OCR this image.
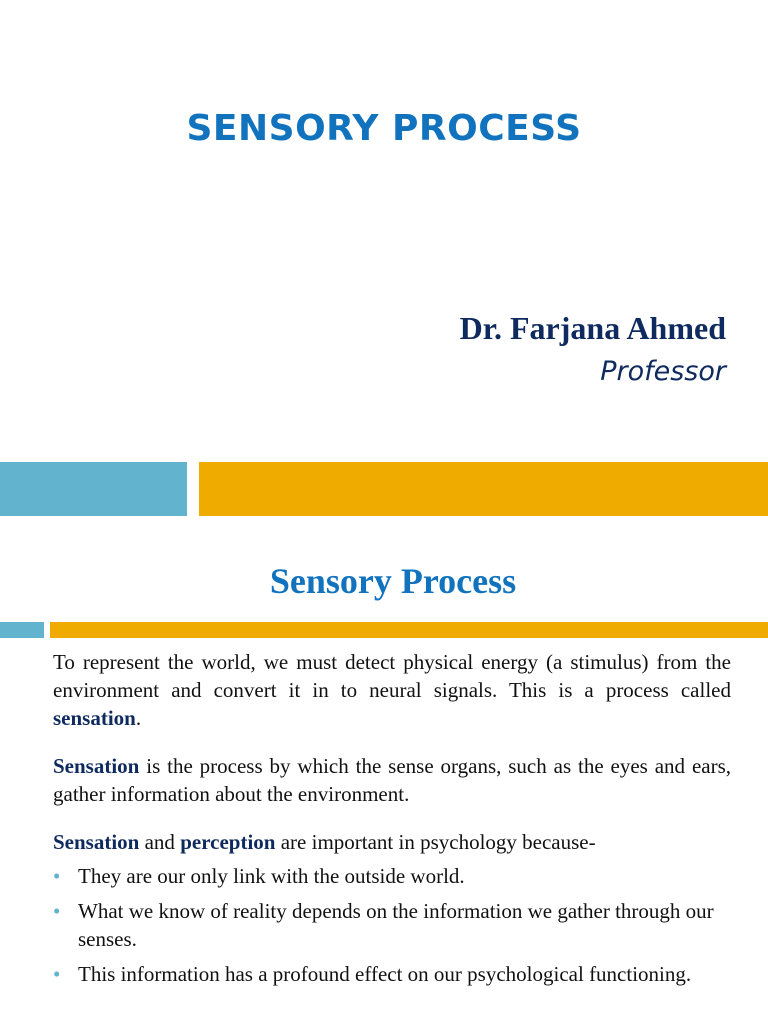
SENSORY PROCESS
Dr. Farjana Ahmed
Professor
Sensory Process

To represent the world, we must detect physical energy (a stimulus) from the environment and convert it in to neural signals. This is a process called sensation.

Sensation is the process by which the sense organs, such as the eyes and ears, gather information about the environment.

Sensation and perception are important in psychology because-

• They are our only link with the outside world.
• What we know of reality depends on the information we gather through our senses.
• This information has a profound effect on our psychological functioning.
